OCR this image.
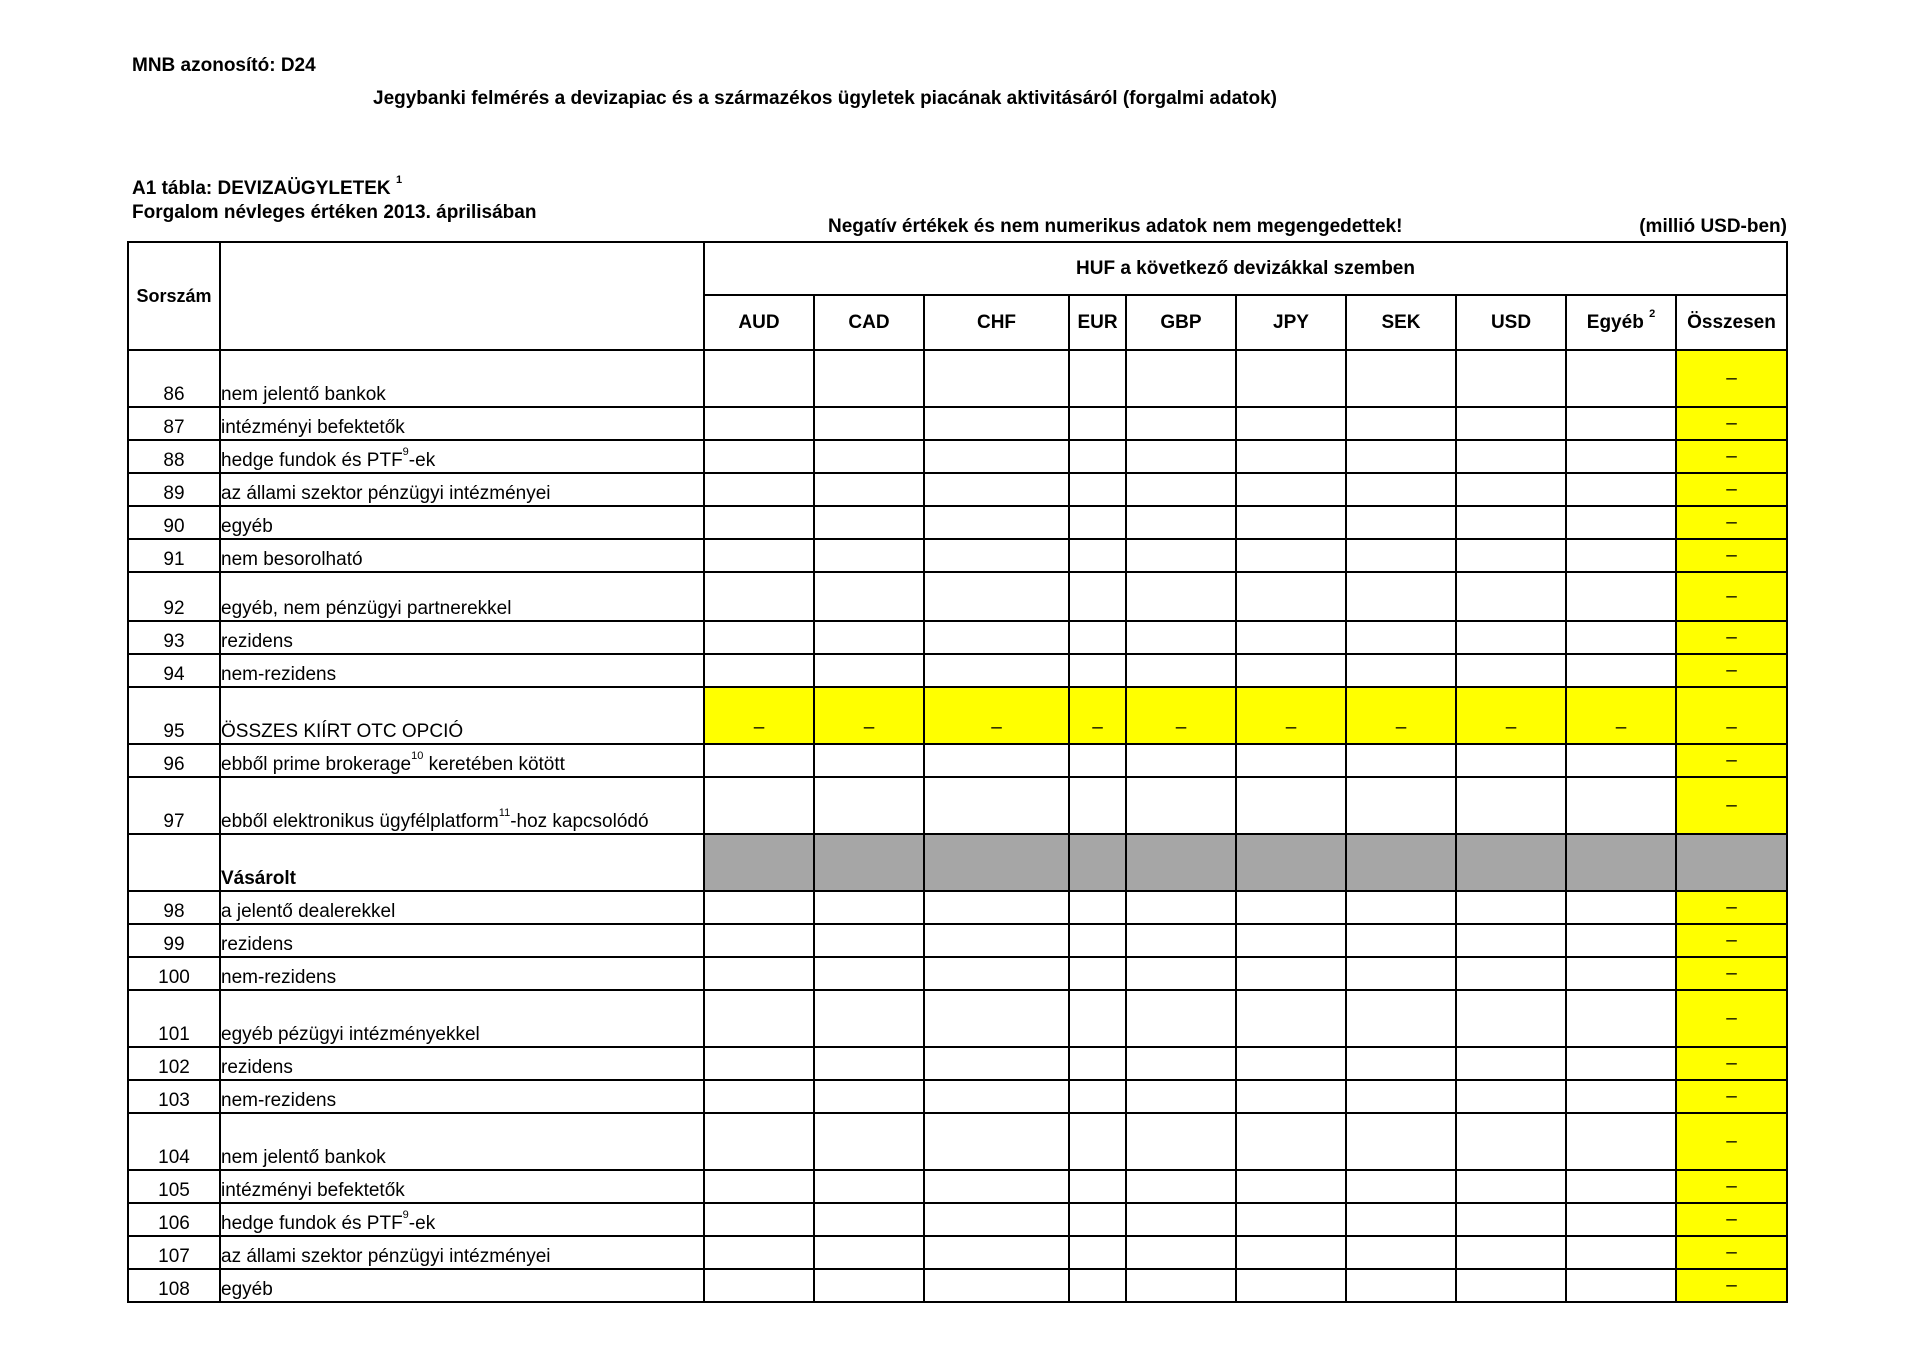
MNB azonosító: D24
Jegybanki felmérés a devizapiac és a származékos ügyletek piacának aktivitásáról (forgalmi adatok)
A1 tábla: DEVIZAÜGYLETEK $^1$
Forgalom névleges értéken 2013. áprilisában
Negatív értékek és nem numerikus adatok nem megengedettek!	(millió USD-ben)
Sorszám		HUF a következő devizákkal szemben									
		AUD	CAD	CHF	EUR	GBP	JPY	SEK	USD	Egyéb $^2$	Összesen
86	nem jelentő bankok										–
87	intézményi befektetők										–
88	hedge fundok és PTF$^9$-ek										–
89	az állami szektor pénzügyi intézményei										–
90	egyéb										–
91	nem besorolható										–
92	egyéb, nem pénzügyi partnerekkel										–
93	rezidens										–
94	nem-rezidens										–
95	ÖSSZES KIÍRT OTC OPCIÓ	–	–	–	–	–	–	–	–	–	–
96	ebből prime brokerage$^{10}$ keretében kötött										–
97	ebből elektronikus ügyfélplatform$^{11}$-hoz kapcsolódó										–
	Vásárolt										
98	a jelentő dealerekkel										–
99	rezidens										–
100	nem-rezidens										–
101	egyéb pézügyi intézményekkel										–
102	rezidens										–
103	nem-rezidens										–
104	nem jelentő bankok										–
105	intézményi befektetők										–
106	hedge fundok és PTF$^9$-ek										–
107	az állami szektor pénzügyi intézményei										–
108	egyéb										–
